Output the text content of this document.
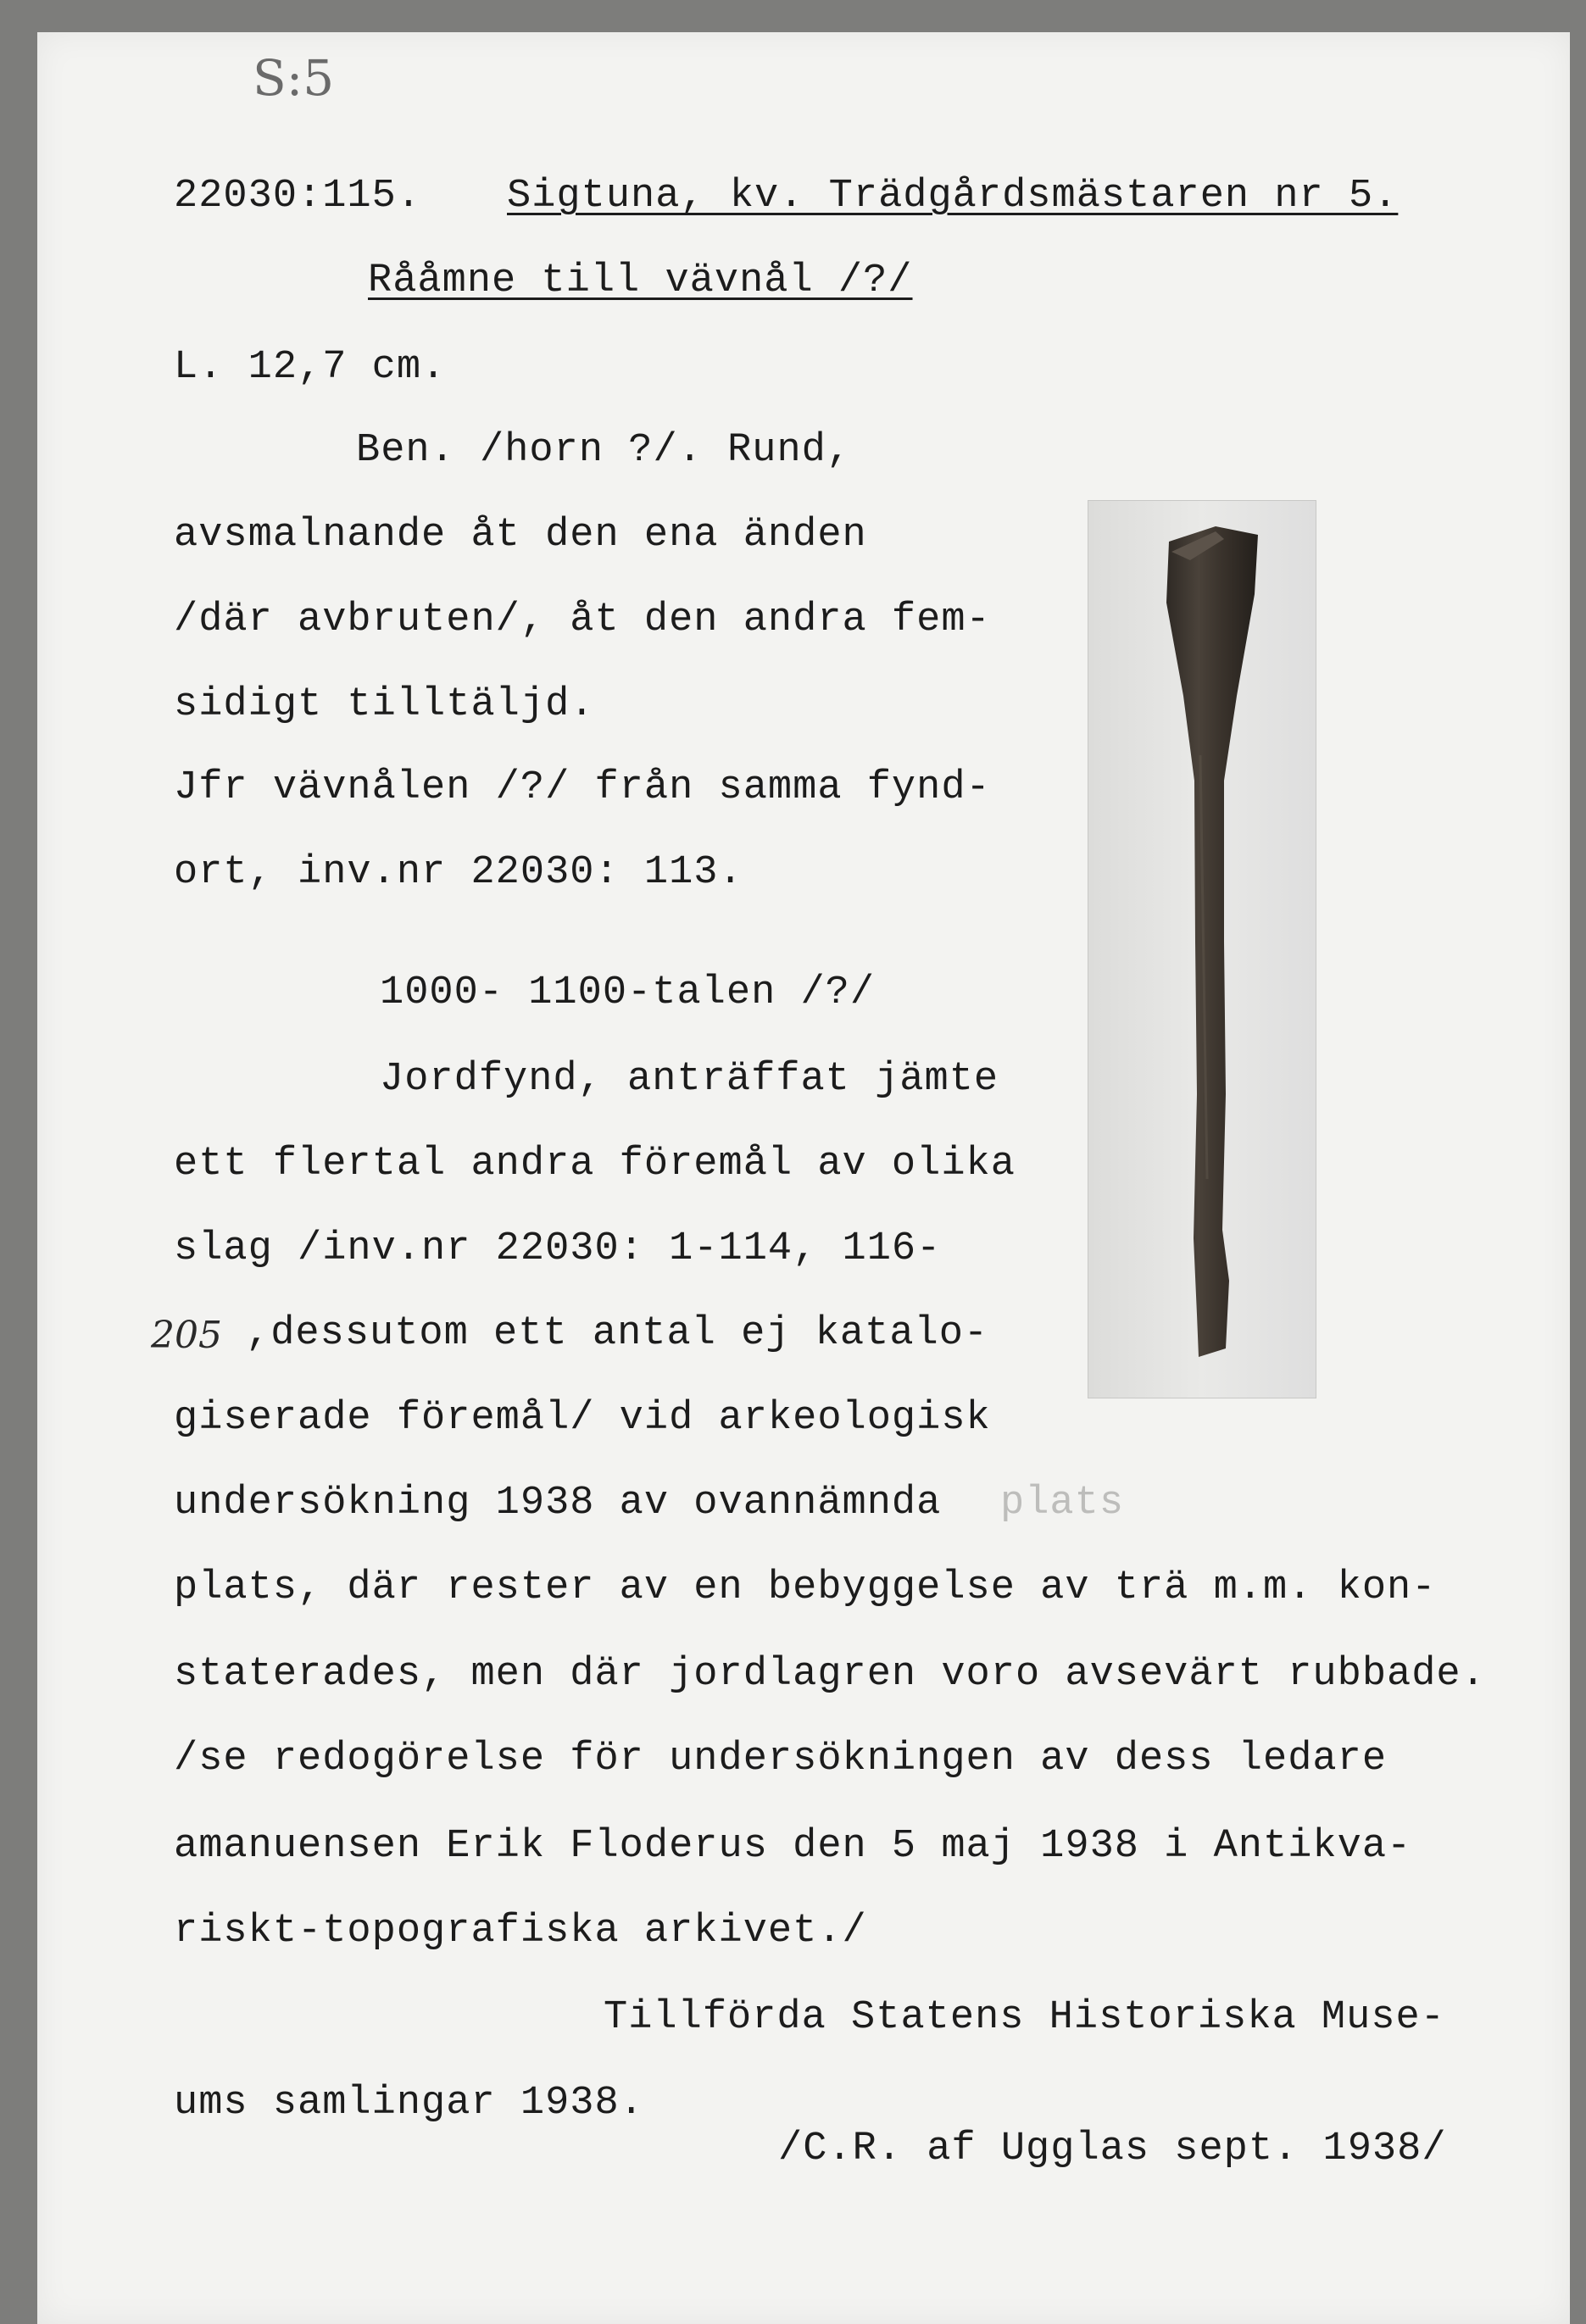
S:5
22030:115. Sigtuna, kv. Trädgårdsmästaren nr 5.
Rååmne till vävnål /?/
L. 12,7 cm.
Ben. /horn ?/. Rund,
avsmalnande åt den ena änden
/där avbruten/, åt den andra fem-
sidigt tilltäljd.
Jfr vävnålen /?/ från samma fynd-
ort, inv.nr 22030: 113.
1000- 1100-talen /?/
Jordfynd, anträffat jämte
ett flertal andra föremål av olika
slag /inv.nr 22030: 1-114, 116-
205 ,dessutom ett antal ej katalo-
giserade föremål/ vid arkeologisk
undersökning 1938 av ovannämnda plats
plats, där rester av en bebyggelse av trä m.m. kon-
staterades, men där jordlagren voro avsevärt rubbade.
/se redogörelse för undersökningen av dess ledare
amanuensen Erik Floderus den 5 maj 1938 i Antikva-
riskt-topografiska arkivet./
Tillförda Statens Historiska Muse-
ums samlingar 1938.
/C.R. af Ugglas sept. 1938/
